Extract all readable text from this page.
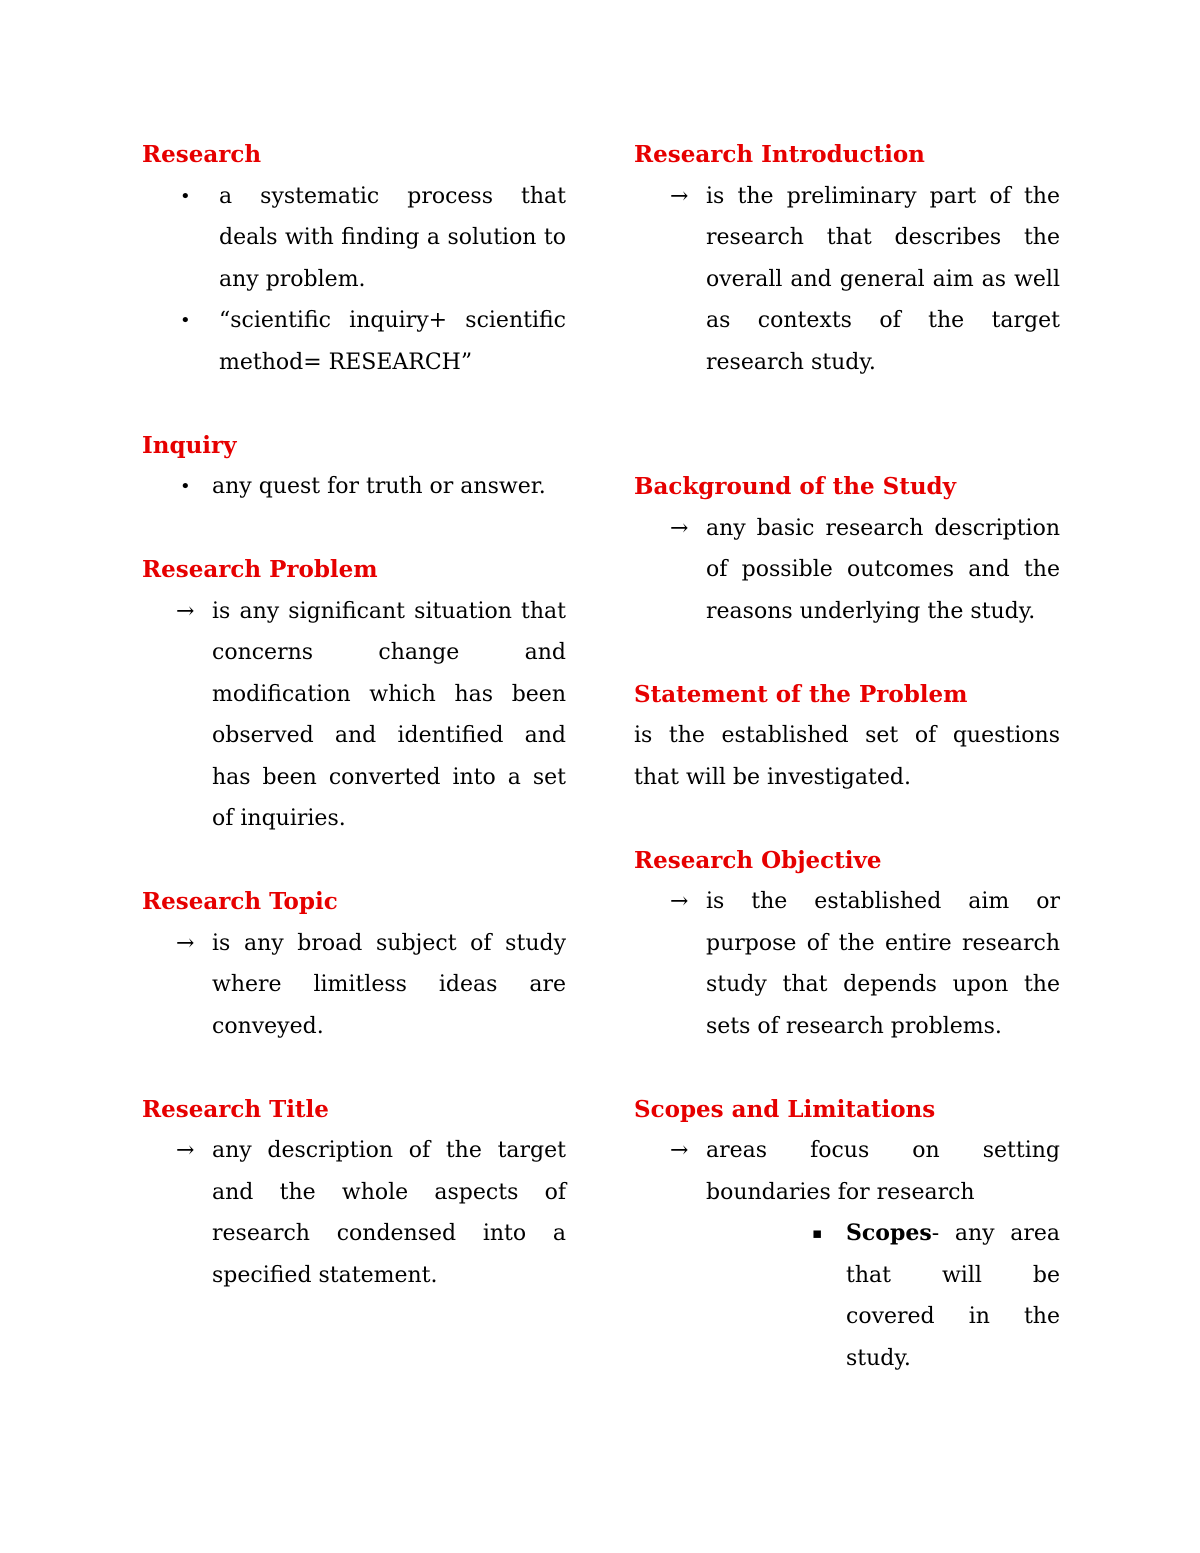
Research

• a systematic process that deals with finding a solution to any problem.

• “scientific inquiry+ scientific method= RESEARCH”

Inquiry

• any quest for truth or answer.

Research Problem

→ is any significant situation that concerns change and modification which has been observed and identified and has been converted into a set of inquiries.

Research Topic

→ is any broad subject of study where limitless ideas are conveyed.

Research Title

→ any description of the target and the whole aspects of research condensed into a specified statement.

Research Introduction

→ is the preliminary part of the research that describes the overall and general aim as well as contexts of the target research study.

Background of the Study

→ any basic research description of possible outcomes and the reasons underlying the study.

Statement of the Problem

is the established set of questions that will be investigated.

Research Objective

→ is the established aim or purpose of the entire research study that depends upon the sets of research problems.

Scopes and Limitations

→ areas focus on setting boundaries for research

▪ Scopes- any area that will be covered in the study.
